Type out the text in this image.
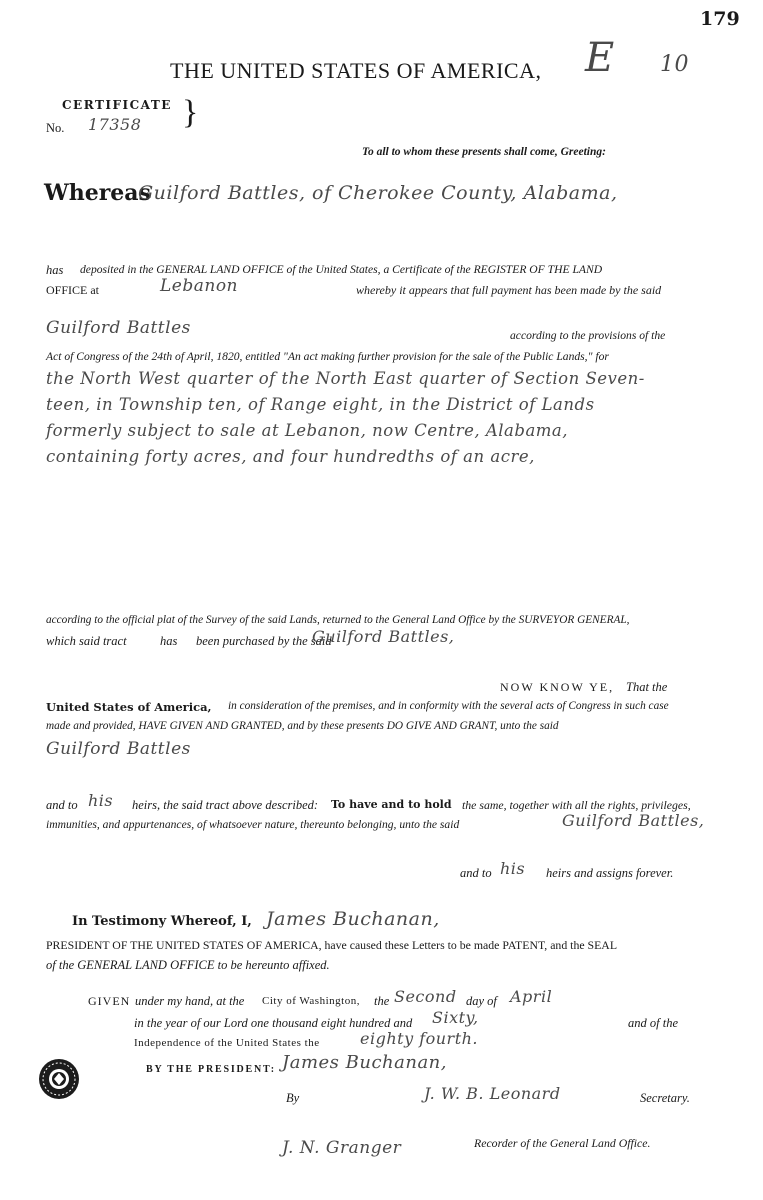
179
THE UNITED STATES OF AMERICA, E 10
CERTIFICATE
No. 17358 }
To all to whom these presents shall come, Greeting:
Whereas
Guilford Battles, of Cherokee County, Alabama,
has deposited in the GENERAL LAND OFFICE of the United States, a Certificate of the REGISTER OF THE LAND
OFFICE at	Lebanon	whereby it appears that full payment has been made by the said
Guilford Battles	according to the provisions of the
Act of Congress of the 24th of April, 1820, entitled "An act making further provision for the sale of the Public Lands," for
the North West quarter of the North East quarter of Section Seven-
teen, in Township ten, of Range eight, in the District of Lands
formerly subject to sale at Lebanon, now Centre, Alabama,
containing forty acres, and four hundredths of an acre,
according to the official plat of the Survey of the said Lands, returned to the General Land Office by the SURVEYOR GENERAL,
which said tract	has been purchased by the said
Guilford Battles,
NOW KNOW YE, That the
United States of America, in consideration of the premises, and in conformity with the several acts of Congress in such case
made and provided, HAVE GIVEN AND GRANTED, and by these presents DO GIVE AND GRANT, unto the said
Guilford Battles
and to his heirs, the said tract above described: To have and to hold the same, together with all the rights, privileges,
immunities, and appurtenances, of whatsoever nature, thereunto belonging, unto the said	Guilford Battles,
and to his heirs and assigns forever.
In Testimony Whereof, I, James Buchanan,
PRESIDENT OF THE UNITED STATES OF AMERICA, have caused these Letters to be made PATENT, and the SEAL
of the GENERAL LAND OFFICE to be hereunto affixed.
GIVEN under my hand, at the City of Washington, the Second day of April
in the year of our Lord one thousand eight hundred and Sixty,	and of the
Independence of the United States the	eighty fourth.
BY THE PRESIDENT: James Buchanan,
By	J. W. B. Leonard	Secretary.
J. N. Granger	Recorder of the General Land Office.
